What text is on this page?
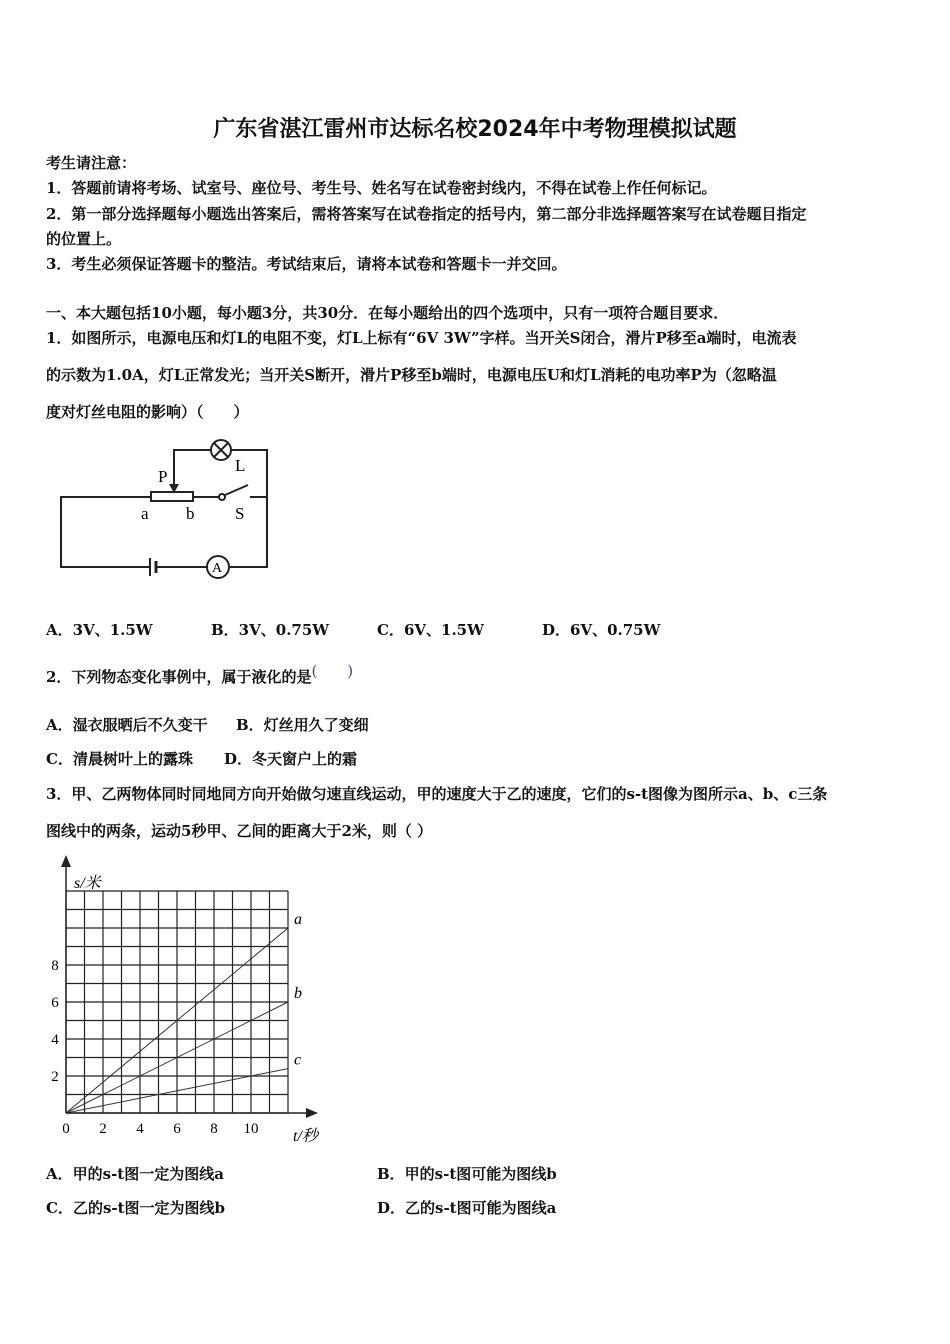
广东省湛江雷州市达标名校2024年中考物理模拟试题
考生请注意：
1．答题前请将考场、试室号、座位号、考生号、姓名写在试卷密封线内，不得在试卷上作任何标记。
2．第一部分选择题每小题选出答案后，需将答案写在试卷指定的括号内，第二部分非选择题答案写在试卷题目指定
的位置上。
3．考生必须保证答题卡的整洁。考试结束后，请将本试卷和答题卡一并交回。
一、本大题包括10小题，每小题3分，共30分．在每小题给出的四个选项中，只有一项符合题目要求．
1．如图所示，电源电压和灯L的电阻不变，灯L上标有“6V 3W”字样。当开关S闭合，滑片P移至a端时，电流表
的示数为1.0A，灯L正常发光；当开关S断开，滑片P移至b端时，电源电压U和灯L消耗的电功率P为（忽略温
度对灯丝电阻的影响）（　　）
P
a b
L
S
A
A．3V、1.5W	B．3V、0.75W	C．6V、1.5W	D．6V、0.75W
2．下列物态变化事例中，属于液化的是(　　)
A．湿衣服晒后不久变干 B．灯丝用久了变细
C．清晨树叶上的露珠 D．冬天窗户上的霜
3．甲、乙两物体同时同地同方向开始做匀速直线运动，甲的速度大于乙的速度，它们的s-t图像为图所示a、b、c三条
图线中的两条，运动5秒甲、乙间的距离大于2米，则（ ）
a
b
c
s/米
t/秒
0 2 4 6 8 10
2
4
6
8
A．甲的s-t图一定为图线a	B．甲的s-t图可能为图线b
C．乙的s-t图一定为图线b	D．乙的s-t图可能为图线a
